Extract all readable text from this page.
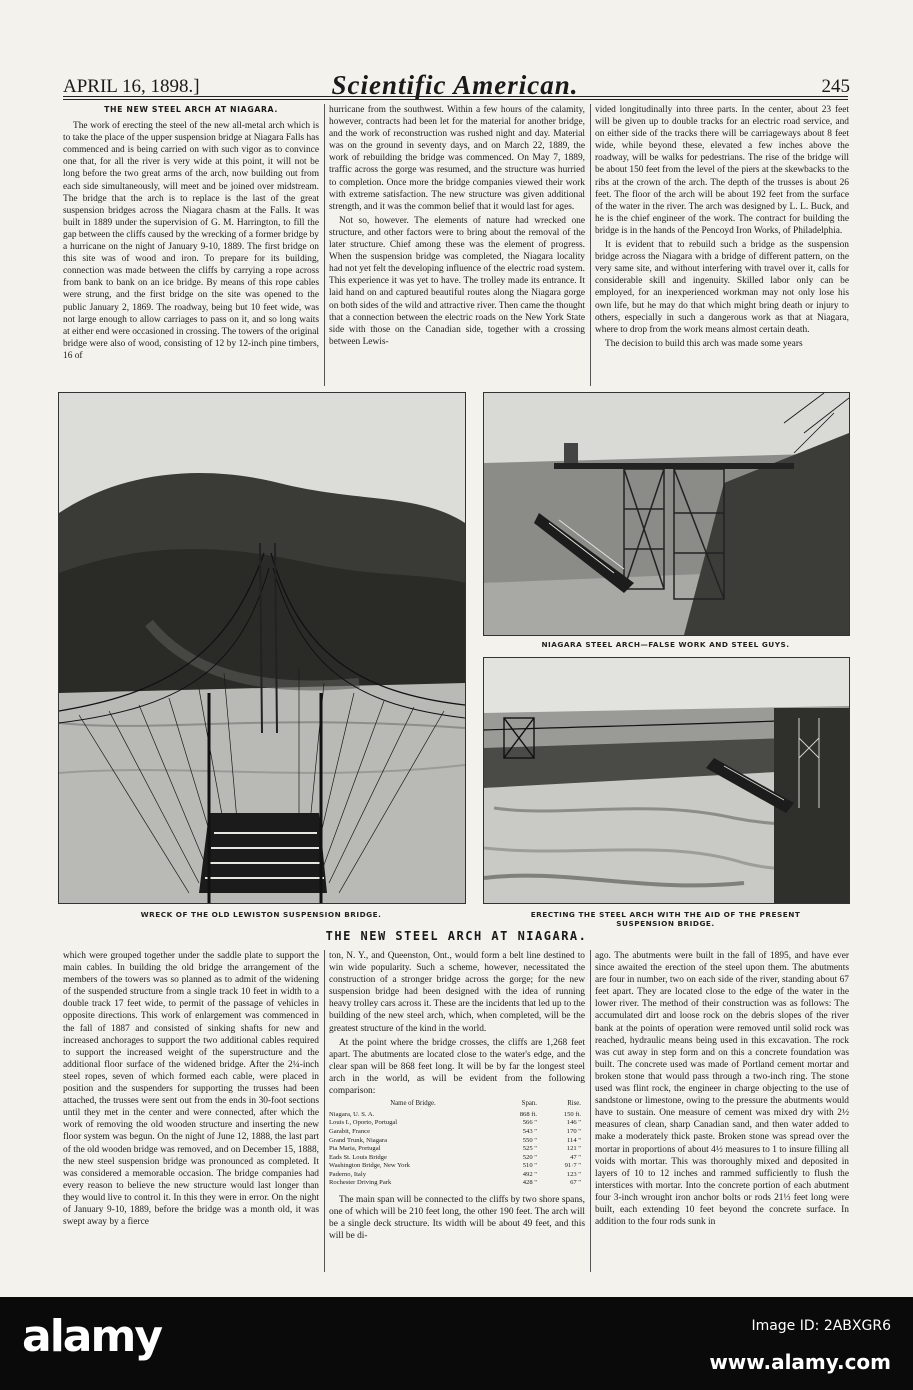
APRIL 16, 1898.]	Scientific American.	245
THE NEW STEEL ARCH AT NIAGARA.

The work of erecting the steel of the new all-metal arch which is to take the place of the upper suspension bridge at Niagara Falls has commenced and is being carried on with such vigor as to convince one that, for all the river is very wide at this point, it will not be long before the two great arms of the arch, now building out from each side simultaneously, will meet and be joined over midstream. The bridge that the arch is to replace is the last of the great suspension bridges across the Niagara chasm at the Falls. It was built in 1889 under the supervision of G. M. Harrington, to fill the gap between the cliffs caused by the wrecking of a former bridge by a hurricane on the night of January 9-10, 1889. The first bridge on this site was of wood and iron. To prepare for its building, connection was made between the cliffs by carrying a rope across from bank to bank on an ice bridge. By means of this rope cables were strung, and the first bridge on the site was opened to the public January 2, 1869. The roadway, being but 10 feet wide, was not large enough to allow carriages to pass on it, and so long waits at either end were occasioned in crossing. The towers of the original bridge were also of wood, consisting of 12 by 12-inch pine timbers, 16 of

hurricane from the southwest. Within a few hours of the calamity, however, contracts had been let for the material for another bridge, and the work of reconstruction was rushed night and day. Material was on the ground in seventy days, and on March 22, 1889, the work of rebuilding the bridge was commenced. On May 7, 1889, traffic across the gorge was resumed, and the structure was hurried to completion. Once more the bridge companies viewed their work with extreme satisfaction. The new structure was given additional strength, and it was the common belief that it would last for ages.

Not so, however. The elements of nature had wrecked one structure, and other factors were to bring about the removal of the later structure. Chief among these was the element of progress. When the suspension bridge was completed, the Niagara locality had not yet felt the developing influence of the electric road system. This experience it was yet to have. The trolley made its entrance. It laid hand on and captured beautiful routes along the Niagara gorge on both sides of the wild and attractive river. Then came the thought that a connection between the electric roads on the New York State side with those on the Canadian side, together with a crossing between Lewis-

vided longitudinally into three parts. In the center, about 23 feet will be given up to double tracks for an electric road service, and on either side of the tracks there will be carriageways about 8 feet wide, while beyond these, elevated a few inches above the roadway, will be walks for pedestrians. The rise of the bridge will be about 150 feet from the level of the piers at the skewbacks to the ribs at the crown of the arch. The depth of the trusses is about 26 feet. The floor of the arch will be about 192 feet from the surface of the water in the river. The arch was designed by L. L. Buck, and he is the chief engineer of the work. The contract for building the bridge is in the hands of the Pencoyd Iron Works, of Philadelphia.

It is evident that to rebuild such a bridge as the suspension bridge across the Niagara with a bridge of different pattern, on the very same site, and without interfering with travel over it, calls for considerable skill and ingenuity. Skilled labor only can be employed, for an inexperienced workman may not only lose his own life, but he may do that which might bring death or injury to others, especially in such a dangerous work as that at Niagara, where to drop from the work means almost certain death.

The decision to build this arch was made some years

NIAGARA STEEL ARCH—FALSE WORK AND STEEL GUYS.
WRECK OF THE OLD LEWISTON SUSPENSION BRIDGE.	ERECTING THE STEEL ARCH WITH THE AID OF THE PRESENT
SUSPENSION BRIDGE.
THE NEW STEEL ARCH AT NIAGARA.

which were grouped together under the saddle plate to support the main cables. In building the old bridge the arrangement of the members of the towers was so planned as to admit of the widening of the suspended structure from a single track 10 feet in width to a double track 17 feet wide, to permit of the passage of vehicles in opposite directions. This work of enlargement was commenced in the fall of 1887 and consisted of sinking shafts for new and increased anchorages to support the two additional cables required to support the increased weight of the superstructure and the additional floor surface of the widened bridge. After the 2¼-inch steel ropes, seven of which formed each cable, were placed in position and the suspenders for supporting the trusses had been attached, the trusses were sent out from the ends in 30-foot sections until they met in the center and were connected, after which the work of removing the old wooden structure and inserting the new floor system was begun. On the night of June 12, 1888, the last part of the old wooden bridge was removed, and on December 15, 1888, the new steel suspension bridge was pronounced as completed. It was considered a memorable occasion. The bridge companies had every reason to believe the new structure would last longer than they would live to control it. In this they were in error. On the night of January 9-10, 1889, before the bridge was a month old, it was swept away by a fierce

ton, N. Y., and Queenston, Ont., would form a belt line destined to win wide popularity. Such a scheme, however, necessitated the construction of a stronger bridge across the gorge; for the new suspension bridge had been designed with the idea of running heavy trolley cars across it. These are the incidents that led up to the building of the new steel arch, which, when completed, will be the greatest structure of the kind in the world.

At the point where the bridge crosses, the cliffs are 1,268 feet apart. The abutments are located close to the water's edge, and the clear span will be 868 feet long. It will be by far the longest steel arch in the world, as will be evident from the following comparison:

Name of Bridge.	Span.	Rise.
Niagara, U. S. A.	868 ft.	150 ft.
Louis I., Oporto, Portugal	566 "	146 "
Garabit, France	543 "	170 "
Grand Trunk, Niagara	550 "	114 "
Pia Maria, Portugal	525 "	121 "
Eads St. Louis Bridge	520 "	47 "
Washington Bridge, New York	510 "	91·7 "
Paderno, Italy	492 "	123 "
Rochester Driving Park	428 "	67 "

The main span will be connected to the cliffs by two shore spans, one of which will be 210 feet long, the other 190 feet. The arch will be a single deck structure. Its width will be about 49 feet, and this will be di-

ago. The abutments were built in the fall of 1895, and have ever since awaited the erection of the steel upon them. The abutments are four in number, two on each side of the river, standing about 67 feet apart. They are located close to the edge of the water in the lower river. The method of their construction was as follows: The accumulated dirt and loose rock on the debris slopes of the river bank at the points of operation were removed until solid rock was reached, hydraulic means being used in this excavation. The rock was cut away in step form and on this a concrete foundation was built. The concrete used was made of Portland cement mortar and broken stone that would pass through a two-inch ring. The stone used was flint rock, the engineer in charge objecting to the use of sandstone or limestone, owing to the pressure the abutments would have to sustain. One measure of cement was mixed dry with 2½ measures of clean, sharp Canadian sand, and then water added to make a moderately thick paste. Broken stone was spread over the mortar in proportions of about 4½ measures to 1 to insure filling all voids with mortar. This was thoroughly mixed and deposited in layers of 10 to 12 inches and rammed sufficiently to flush the interstices with mortar. Into the concrete portion of each abutment four 3-inch wrought iron anchor bolts or rods 21⅓ feet long were built, each extending 10 feet beyond the concrete surface. In addition to the four rods sunk in

alamy	Image ID: 2ABXGR6
www.alamy.com
